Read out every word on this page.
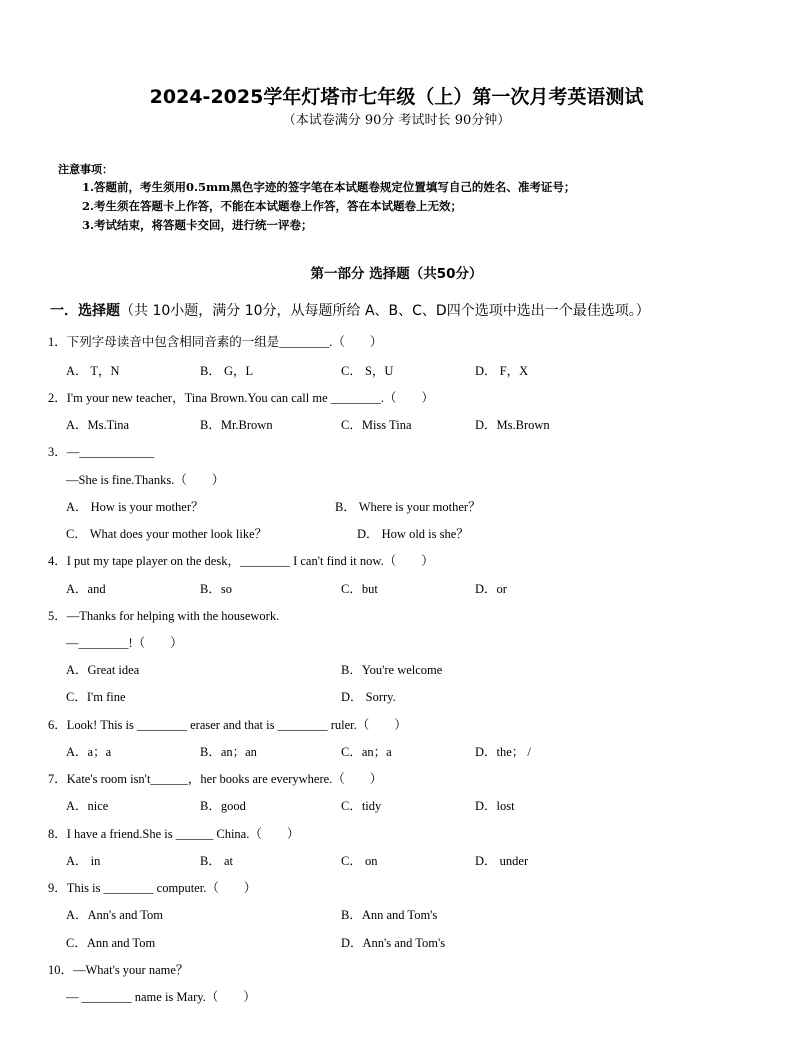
2024-2025学年灯塔市七年级（上）第一次月考英语测试
（本试卷满分 90分 考试时长 90分钟）
注意事项：
1.答题前，考生须用0.5mm黑色字迹的签字笔在本试题卷规定位置填写自己的姓名、准考证号；
2.考生须在答题卡上作答，不能在本试题卷上作答，答在本试题卷上无效；
3.考试结束，将答题卡交回，进行统一评卷；
第一部分 选择题（共50分）
一．选择题（共 10小题，满分 10分，从每题所给 A、B、C、D四个选项中选出一个最佳选项。）
1．下列字母读音中包含相同音素的一组是________.（　　）
A． T，N	B． G，L	C． S，U	D． F，X
2．I'm your new teacher，Tina Brown.You can call me ________.（　　）
A．Ms.Tina	B．Mr.Brown	C．Miss Tina	D．Ms.Brown
3．—____________
—She is fine.Thanks.（　　）
A． How is your mother？	B． Where is your mother？
C． What does your mother look like？	D． How old is she？
4．I put my tape player on the desk，________ I can't find it now.（　　）
A．and	B．so	C．but	D．or
5．—Thanks for helping with the housework.
—________!（　　）
A．Great idea	B．You're welcome
C．I'm fine	D． Sorry.
6．Look! This is ________ eraser and that is ________ ruler.（　　）
A．a；a	B．an；an	C．an；a	D．the； /
7．Kate's room isn't______，her books are everywhere.（　　）
A．nice	B．good	C．tidy	D．lost
8．I have a friend.She is ______ China.（　　）
A． in	B． at	C． on	D． under
9．This is ________ computer.（　　）
A．Ann's and Tom	B．Ann and Tom's
C．Ann and Tom	D．Ann's and Tom's
10．—What's your name？
— ________ name is Mary.（　　）
